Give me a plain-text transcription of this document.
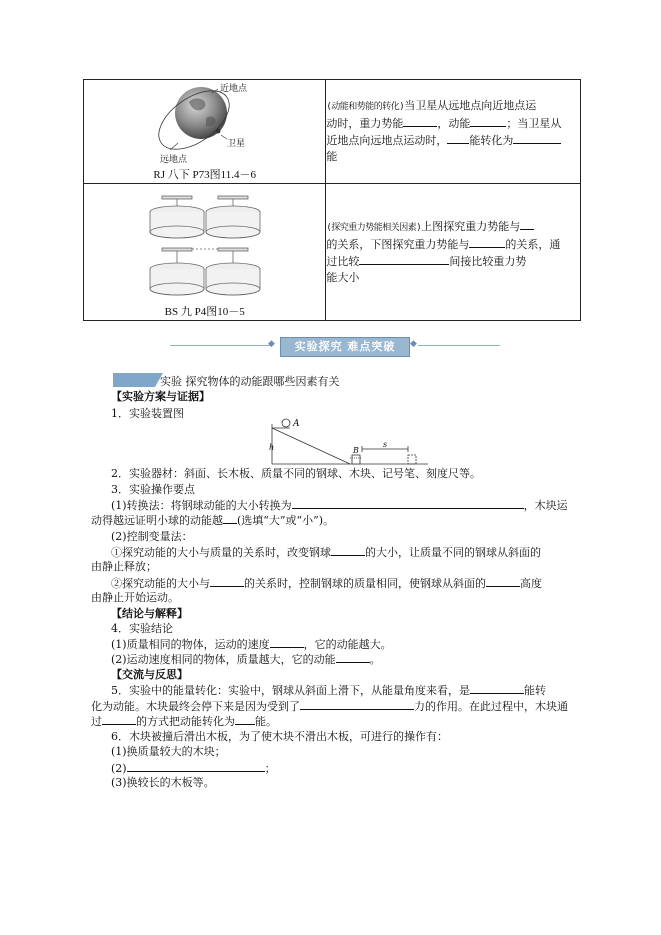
近地点
卫星
远地点
RJ 八下 P73图11.4－6	(动能和势能的转化)当卫星从远地点向近地点运
动时，重力势能 ，动能 ；当卫星从
近地点向远地点运动时， 能转化为
能

BS 九 P4图10－5	(探究重力势能相关因素)上图探究重力势能与
的关系，下图探究重力势能与 的关系，通
过比较 间接比较重力势
能大小
◆	◆
实验探究 难点突破
实验 探究物体的动能跟哪些因素有关
【实验方案与证据】
1．实验装置图
A
h	B
s
2．实验器材：斜面、长木板、质量不同的钢球、木块、记号笔、刻度尺等。
3．实验操作要点
(1)转换法：将钢球动能的大小转换为	，木块运
动得越远证明小球的动能越 (选填“大”或“小”)。
(2)控制变量法：
①探究动能的大小与质量的关系时，改变钢球	的大小，让质量不同的钢球从斜面的
由静止释放；
②探究动能的大小与	的关系时，控制钢球的质量相同，使钢球从斜面的	高度
由静止开始运动。
【结论与解释】
4．实验结论
(1)质量相同的物体，运动的速度	，它的动能越大。
(2)运动速度相同的物体，质量越大，它的动能	。
【交流与反思】
5．实验中的能量转化：实验中，钢球从斜面上滑下，从能量角度来看，是	能转
化为动能。木块最终会停下来是因为受到了	力的作用。在此过程中，木块通
过	的方式把动能转化为 能。
6．木块被撞后滑出木板，为了使木块不滑出木板，可进行的操作有：
(1)换质量较大的木块；
(2)	；
(3)换较长的木板等。
